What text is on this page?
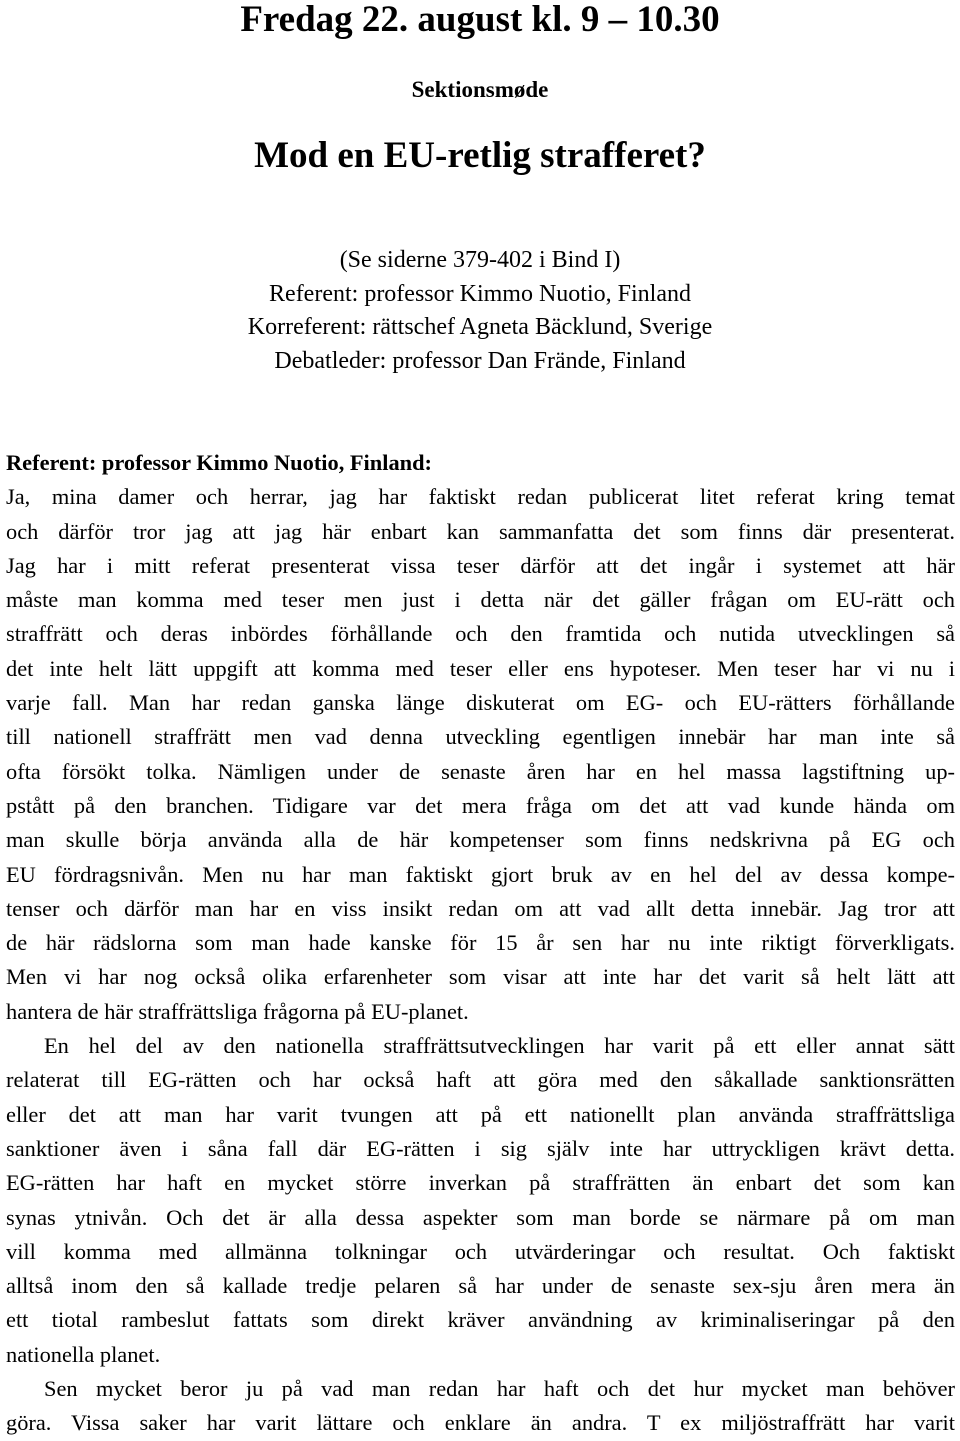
Fredag 22. august kl. 9 – 10.30
Sektionsmøde
Mod en EU-retlig strafferet?
(Se siderne 379-402 i Bind I)
Referent: professor Kimmo Nuotio, Finland
Korreferent: rättschef Agneta Bäcklund, Sverige
Debatleder: professor Dan Frände, Finland
Referent: professor Kimmo Nuotio, Finland:
Ja, mina damer och herrar, jag har faktiskt redan publicerat litet referat kring temat
och därför tror jag att jag här enbart kan sammanfatta det som finns där presenterat.
Jag har i mitt referat presenterat vissa teser därför att det ingår i systemet att här
måste man komma med teser men just i detta när det gäller frågan om EU-rätt och
straffrätt och deras inbördes förhållande och den framtida och nutida utvecklingen så
det inte helt lätt uppgift att komma med teser eller ens hypoteser. Men teser har vi nu i
varje fall. Man har redan ganska länge diskuterat om EG- och EU-rätters förhållande
till nationell straffrätt men vad denna utveckling egentligen innebär har man inte så
ofta försökt tolka. Nämligen under de senaste åren har en hel massa lagstiftning up-
pstått på den branchen. Tidigare var det mera fråga om det att vad kunde hända om
man skulle börja använda alla de här kompetenser som finns nedskrivna på EG och
EU fördragsnivån. Men nu har man faktiskt gjort bruk av en hel del av dessa kompe-
tenser och därför man har en viss insikt redan om att vad allt detta innebär. Jag tror att
de här rädslorna som man hade kanske för 15 år sen har nu inte riktigt förverkligats.
Men vi har nog också olika erfarenheter som visar att inte har det varit så helt lätt att
hantera de här straffrättsliga frågorna på EU-planet.
En hel del av den nationella straffrättsutvecklingen har varit på ett eller annat sätt
relaterat till EG-rätten och har också haft att göra med den såkallade sanktionsrätten
eller det att man har varit tvungen att på ett nationellt plan använda straffrättsliga
sanktioner även i såna fall där EG-rätten i sig själv inte har uttryckligen krävt detta.
EG-rätten har haft en mycket större inverkan på straffrätten än enbart det som kan
synas ytnivån. Och det är alla dessa aspekter som man borde se närmare på om man
vill komma med allmänna tolkningar och utvärderingar och resultat. Och faktiskt
alltså inom den så kallade tredje pelaren så har under de senaste sex-sju åren mera än
ett tiotal rambeslut fattats som direkt kräver användning av kriminaliseringar på den
nationella planet.
Sen mycket beror ju på vad man redan har haft och det hur mycket man behöver
göra. Vissa saker har varit lättare och enklare än andra. T ex miljöstraffrätt har varit
